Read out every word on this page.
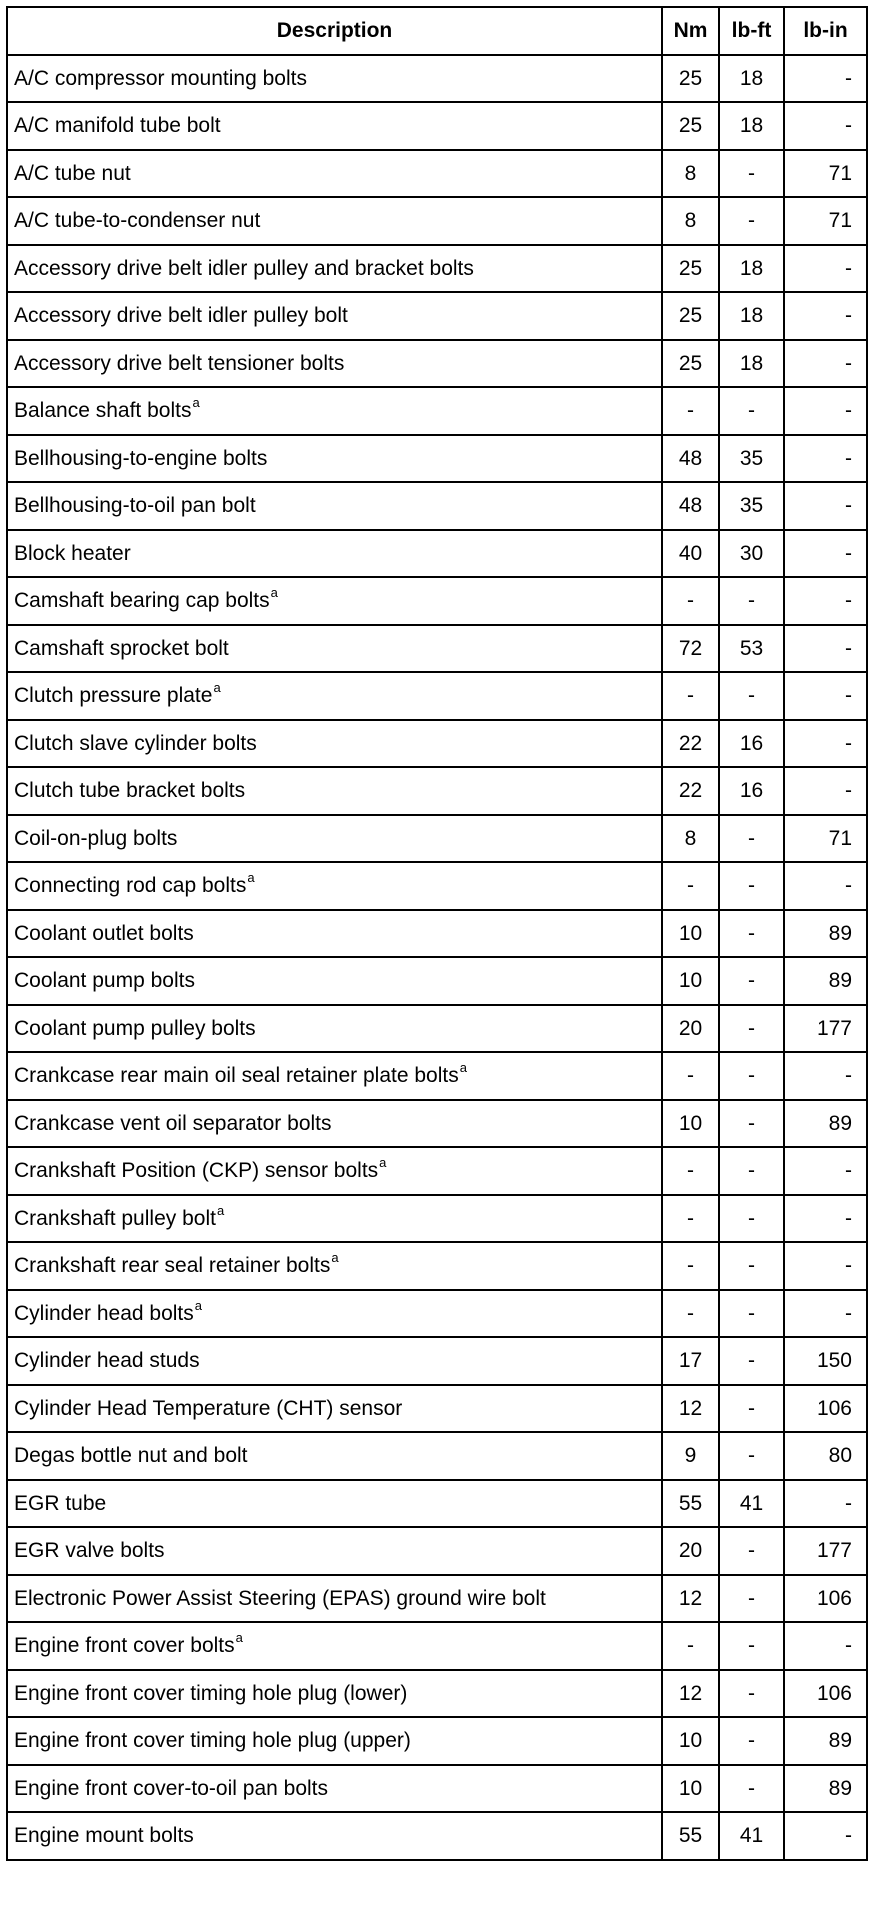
Description	Nm	lb-ft	lb-in
A/C compressor mounting bolts	25	18	-
A/C manifold tube bolt	25	18	-
A/C tube nut	8	-	71
A/C tube-to-condenser nut	8	-	71
Accessory drive belt idler pulley and bracket bolts	25	18	-
Accessory drive belt idler pulley bolt	25	18	-
Accessory drive belt tensioner bolts	25	18	-
Balance shaft bolts$^a$	-	-	-
Bellhousing-to-engine bolts	48	35	-
Bellhousing-to-oil pan bolt	48	35	-
Block heater	40	30	-
Camshaft bearing cap bolts$^a$	-	-	-
Camshaft sprocket bolt	72	53	-
Clutch pressure plate$^a$	-	-	-
Clutch slave cylinder bolts	22	16	-
Clutch tube bracket bolts	22	16	-
Coil-on-plug bolts	8	-	71
Connecting rod cap bolts$^a$	-	-	-
Coolant outlet bolts	10	-	89
Coolant pump bolts	10	-	89
Coolant pump pulley bolts	20	-	177
Crankcase rear main oil seal retainer plate bolts$^a$	-	-	-
Crankcase vent oil separator bolts	10	-	89
Crankshaft Position (CKP) sensor bolts$^a$	-	-	-
Crankshaft pulley bolt$^a$	-	-	-
Crankshaft rear seal retainer bolts$^a$	-	-	-
Cylinder head bolts$^a$	-	-	-
Cylinder head studs	17	-	150
Cylinder Head Temperature (CHT) sensor	12	-	106
Degas bottle nut and bolt	9	-	80
EGR tube	55	41	-
EGR valve bolts	20	-	177
Electronic Power Assist Steering (EPAS) ground wire bolt	12	-	106
Engine front cover bolts$^a$	-	-	-
Engine front cover timing hole plug (lower)	12	-	106
Engine front cover timing hole plug (upper)	10	-	89
Engine front cover-to-oil pan bolts	10	-	89
Engine mount bolts	55	41	-
